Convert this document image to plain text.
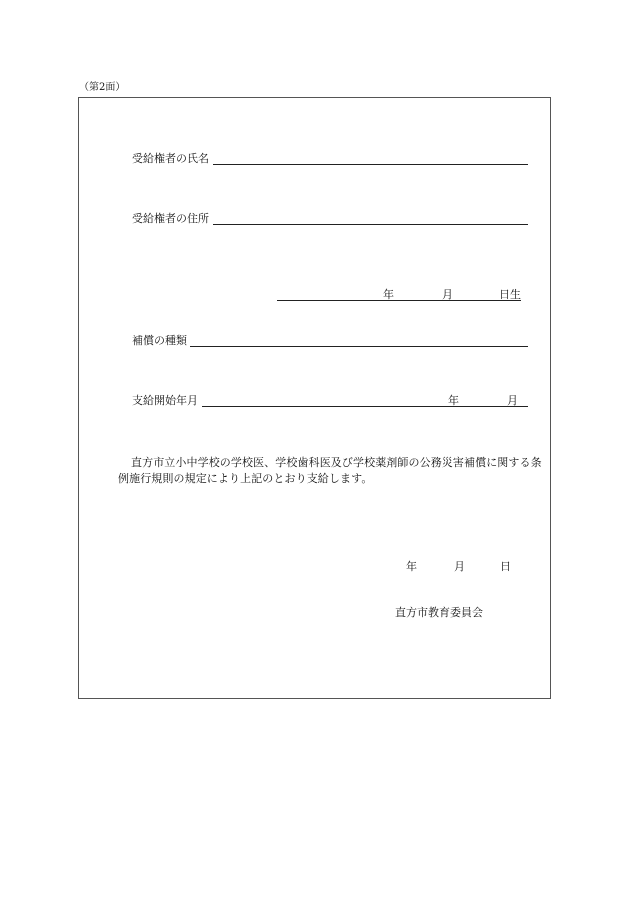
（第2面）
受給権者の氏名
受給権者の住所
年	月	日生
補償の種類
支給開始年月	年	月
直方市立小中学校の学校医、学校歯科医及び学校薬剤師の公務災害補償に関する条例施行規則の規定により上記のとおり支給します。
年	月	日
直方市教育委員会
